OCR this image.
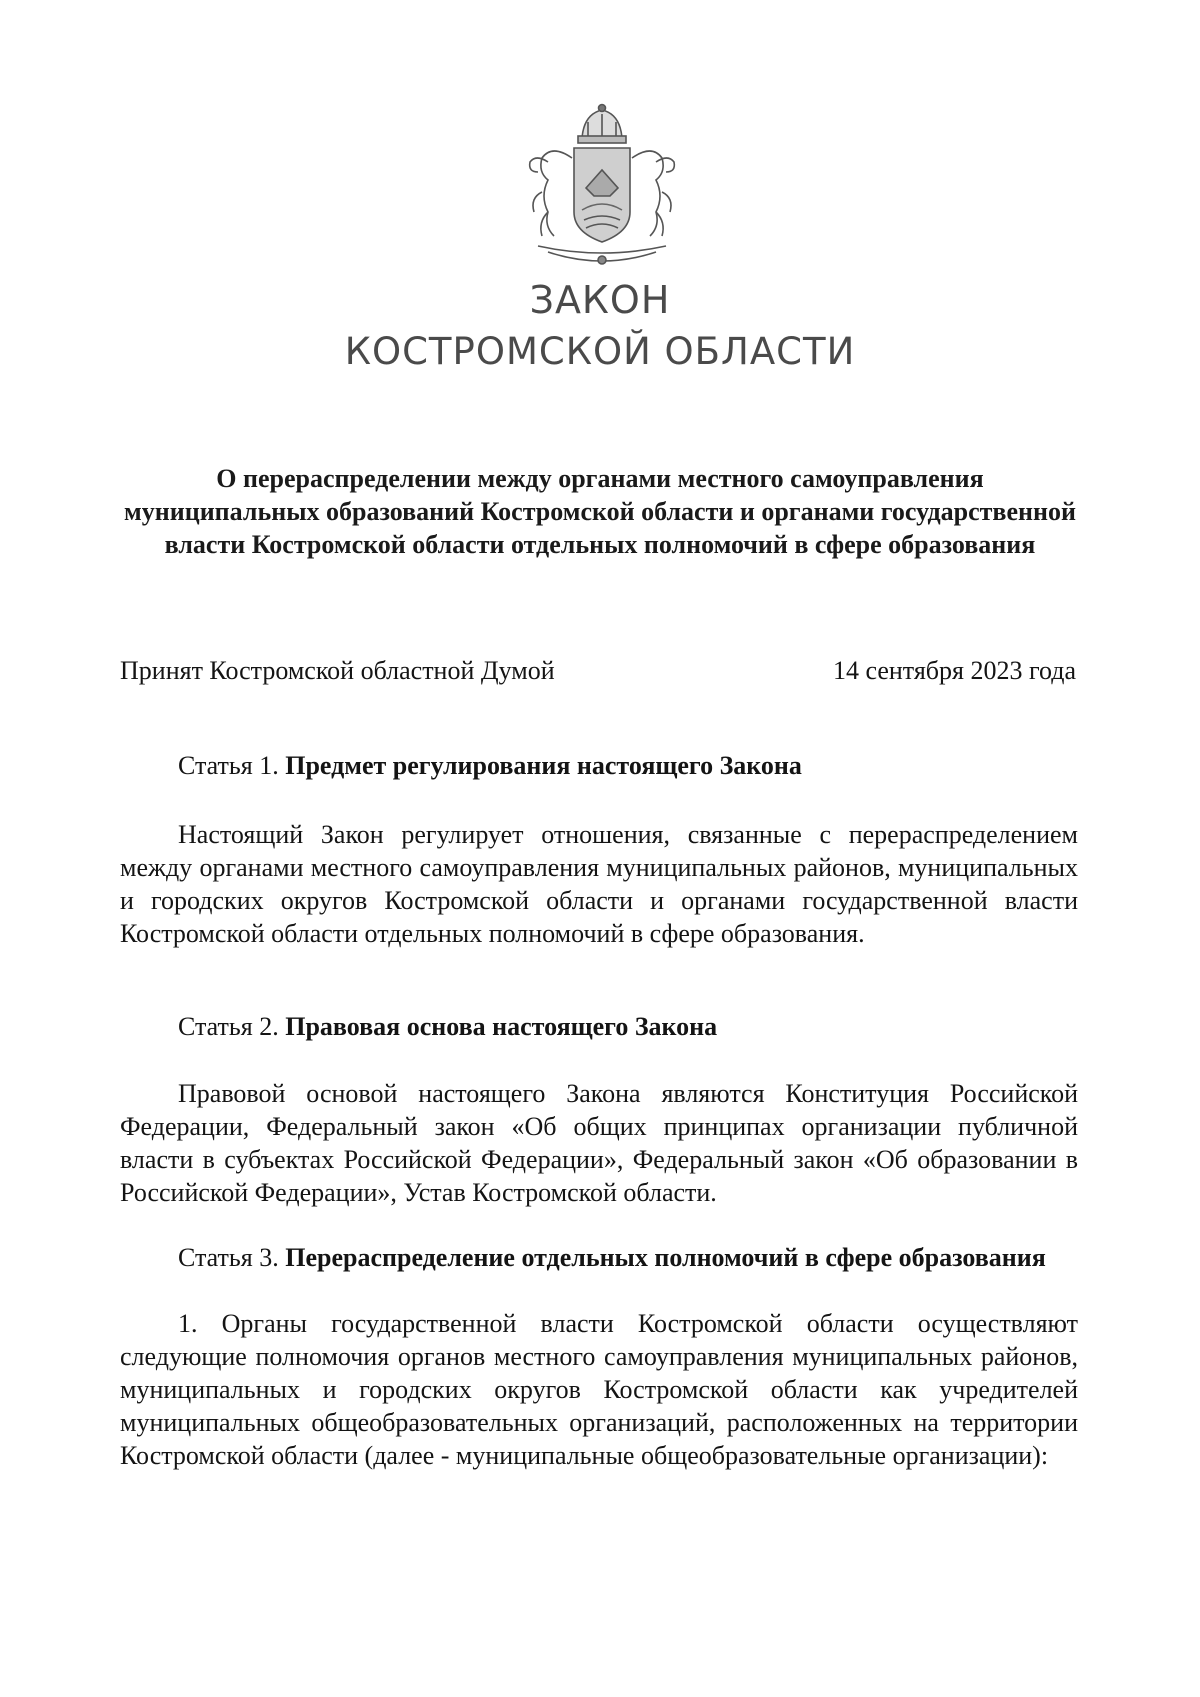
ЗАКОН
КОСТРОМСКОЙ ОБЛАСТИ
О перераспределении между органами местного самоуправления муниципальных образований Костромской области и органами государственной власти Костромской области отдельных полномочий в сфере образования
Принят Костромской областной Думой	14 сентября 2023 года
Статья 1. Предмет регулирования настоящего Закона
Настоящий Закон регулирует отношения, связанные с перераспределением между органами местного самоуправления муниципальных районов, муниципальных и городских округов Костромской области и органами государственной власти Костромской области отдельных полномочий в сфере образования.
Статья 2. Правовая основа настоящего Закона
Правовой основой настоящего Закона являются Конституция Российской Федерации, Федеральный закон «Об общих принципах организации публичной власти в субъектах Российской Федерации», Федеральный закон «Об образовании в Российской Федерации», Устав Костромской области.
Статья 3. Перераспределение отдельных полномочий в сфере образования
1. Органы государственной власти Костромской области осуществляют следующие полномочия органов местного самоуправления муниципальных районов, муниципальных и городских округов Костромской области как учредителей муниципальных общеобразовательных организаций, расположенных на территории Костромской области (далее - муниципальные общеобразовательные организации):
